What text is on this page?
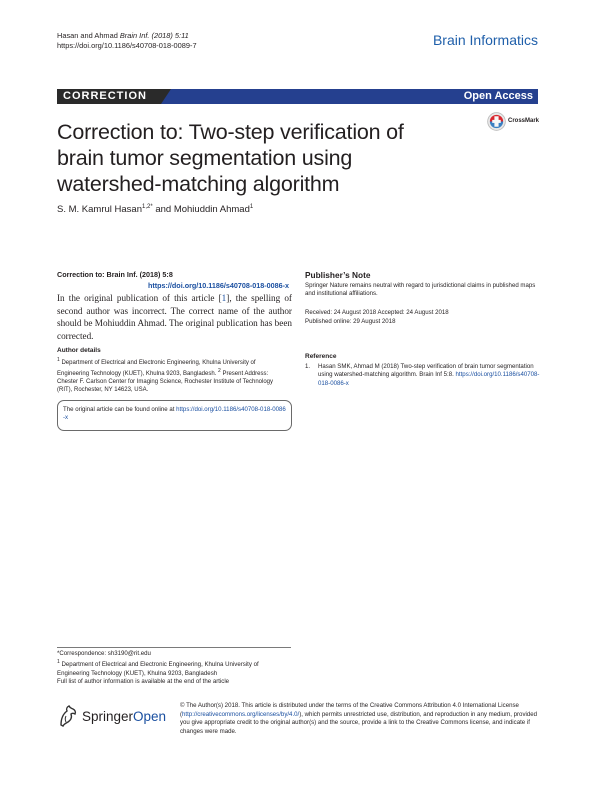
Hasan and Ahmad Brain Inf. (2018) 5:11
https://doi.org/10.1186/s40708-018-0089-7	Brain Informatics
CORRECTION	Open Access
CrossMark
Correction to: Two-step verification of brain tumor segmentation using watershed-matching algorithm
S. M. Kamrul Hasan$^{1,2*}$ and Mohiuddin Ahmad$^1$
Correction to: Brain Inf. (2018) 5:8
https://doi.org/10.1186/s40708-018-0086-x
In the original publication of this article [1], the spelling of second author was incorrect. The correct name of the author should be Mohiuddin Ahmad. The original publication has been corrected.
Author details
$^1$ Department of Electrical and Electronic Engineering, Khulna University of Engineering Technology (KUET), Khulna 9203, Bangladesh. $^2$ Present Address: Chester F. Carlson Center for Imaging Science, Rochester Institute of Technology (RIT), Rochester, NY 14623, USA.
The original article can be found online at https://doi.org/10.1186/s40708-018-0086-x
Publisher’s Note
Springer Nature remains neutral with regard to jurisdictional claims in published maps and institutional affiliations.
Received: 24 August 2018 Accepted: 24 August 2018
Published online: 29 August 2018
Reference
1. Hasan SMK, Ahmad M (2018) Two-step verification of brain tumor segmentation using watershed-matching algorithm. Brain Inf 5:8. https://doi.org/10.1186/s40708-018-0086-x
*Correspondence: sh3190@rit.edu
$^1$ Department of Electrical and Electronic Engineering, Khulna University of Engineering Technology (KUET), Khulna 9203, Bangladesh
Full list of author information is available at the end of the article
SpringerOpen
© The Author(s) 2018. This article is distributed under the terms of the Creative Commons Attribution 4.0 International License (http://creativecommons.org/licenses/by/4.0/), which permits unrestricted use, distribution, and reproduction in any medium, provided you give appropriate credit to the original author(s) and the source, provide a link to the Creative Commons license, and indicate if changes were made.
